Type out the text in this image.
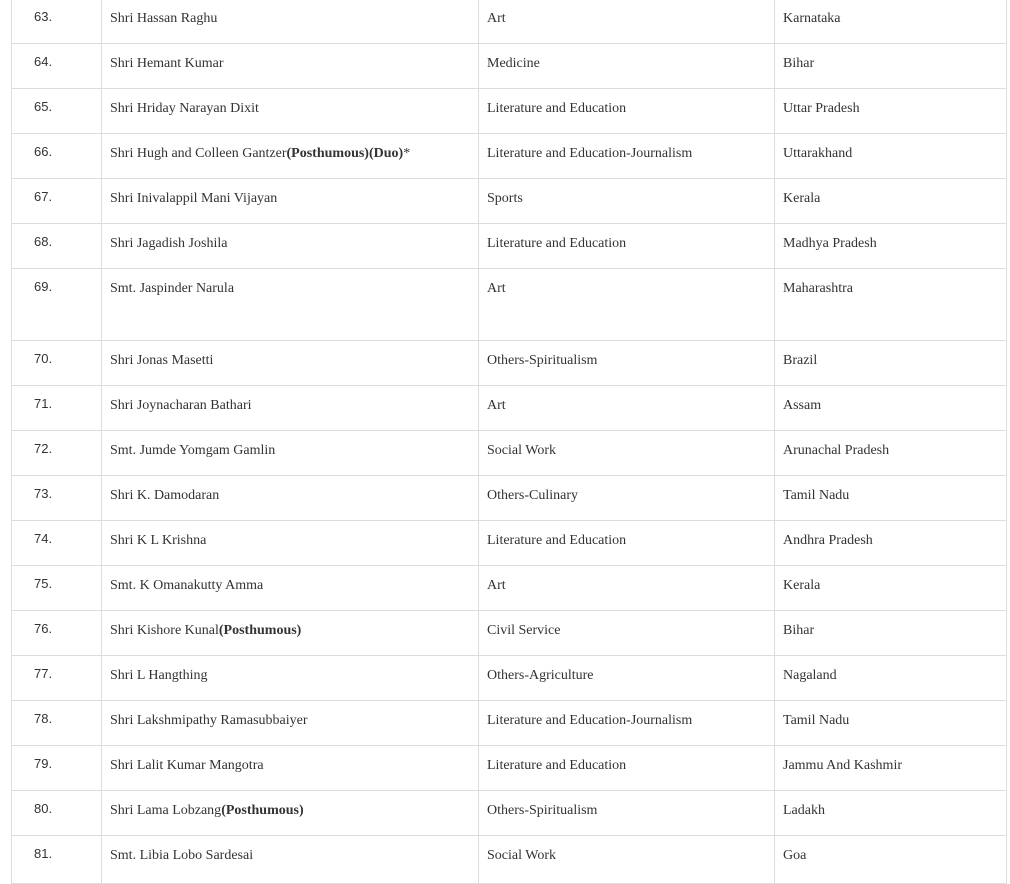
63.	Shri Hassan Raghu	Art	Karnataka
64.	Shri Hemant Kumar	Medicine	Bihar
65.	Shri Hriday Narayan Dixit	Literature and Education	Uttar Pradesh
66.	Shri Hugh and Colleen Gantzer(Posthumous)(Duo)*	Literature and Education-Journalism	Uttarakhand
67.	Shri Inivalappil Mani Vijayan	Sports	Kerala
68.	Shri Jagadish Joshila	Literature and Education	Madhya Pradesh
69.	Smt. Jaspinder Narula	Art	Maharashtra
70.	Shri Jonas Masetti	Others-Spiritualism	Brazil
71.	Shri Joynacharan Bathari	Art	Assam
72.	Smt. Jumde Yomgam Gamlin	Social Work	Arunachal Pradesh
73.	Shri K. Damodaran	Others-Culinary	Tamil Nadu
74.	Shri K L Krishna	Literature and Education	Andhra Pradesh
75.	Smt. K Omanakutty Amma	Art	Kerala
76.	Shri Kishore Kunal(Posthumous)	Civil Service	Bihar
77.	Shri L Hangthing	Others-Agriculture	Nagaland
78.	Shri Lakshmipathy Ramasubbaiyer	Literature and Education-Journalism	Tamil Nadu
79.	Shri Lalit Kumar Mangotra	Literature and Education	Jammu And Kashmir
80.	Shri Lama Lobzang(Posthumous)	Others-Spiritualism	Ladakh
81.	Smt. Libia Lobo Sardesai	Social Work	Goa
